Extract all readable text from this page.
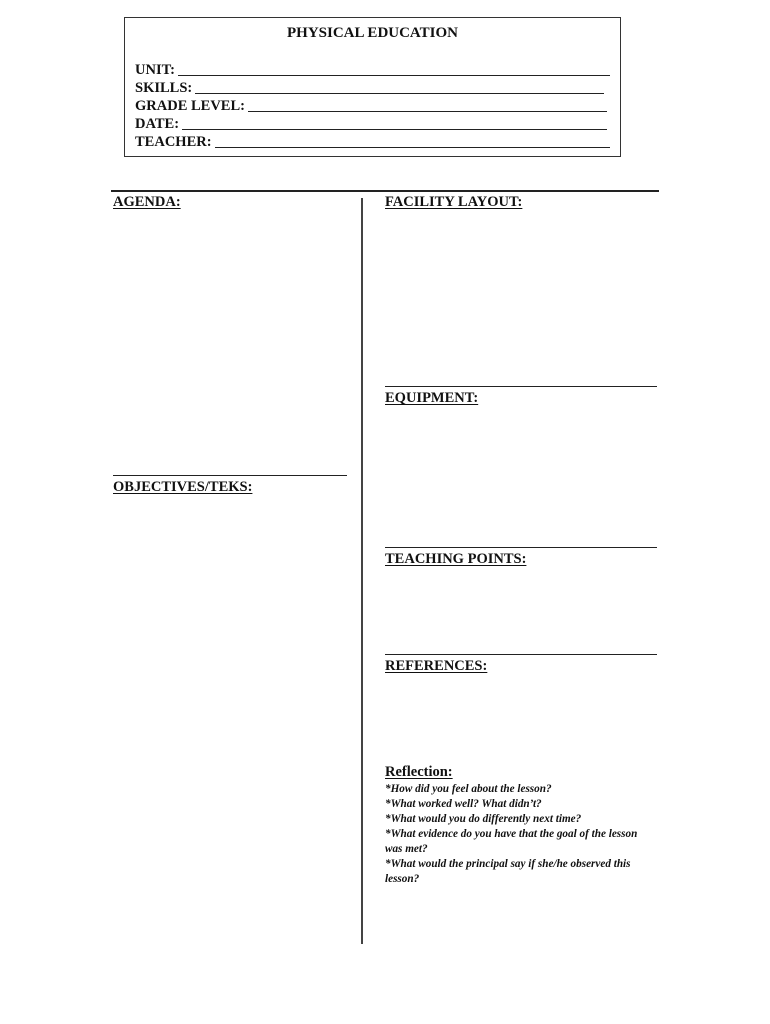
PHYSICAL EDUCATION
UNIT:
SKILLS:
GRADE LEVEL:
DATE:
TEACHER:
AGENDA:
OBJECTIVES/TEKS:
FACILITY LAYOUT:
EQUIPMENT:
TEACHING POINTS:
REFERENCES:
Reflection:
*How did you feel about the lesson?
*What worked well? What didn’t?
*What would you do differently next time?
*What evidence do you have that the goal of the lesson was met?
*What would the principal say if she/he observed this lesson?
